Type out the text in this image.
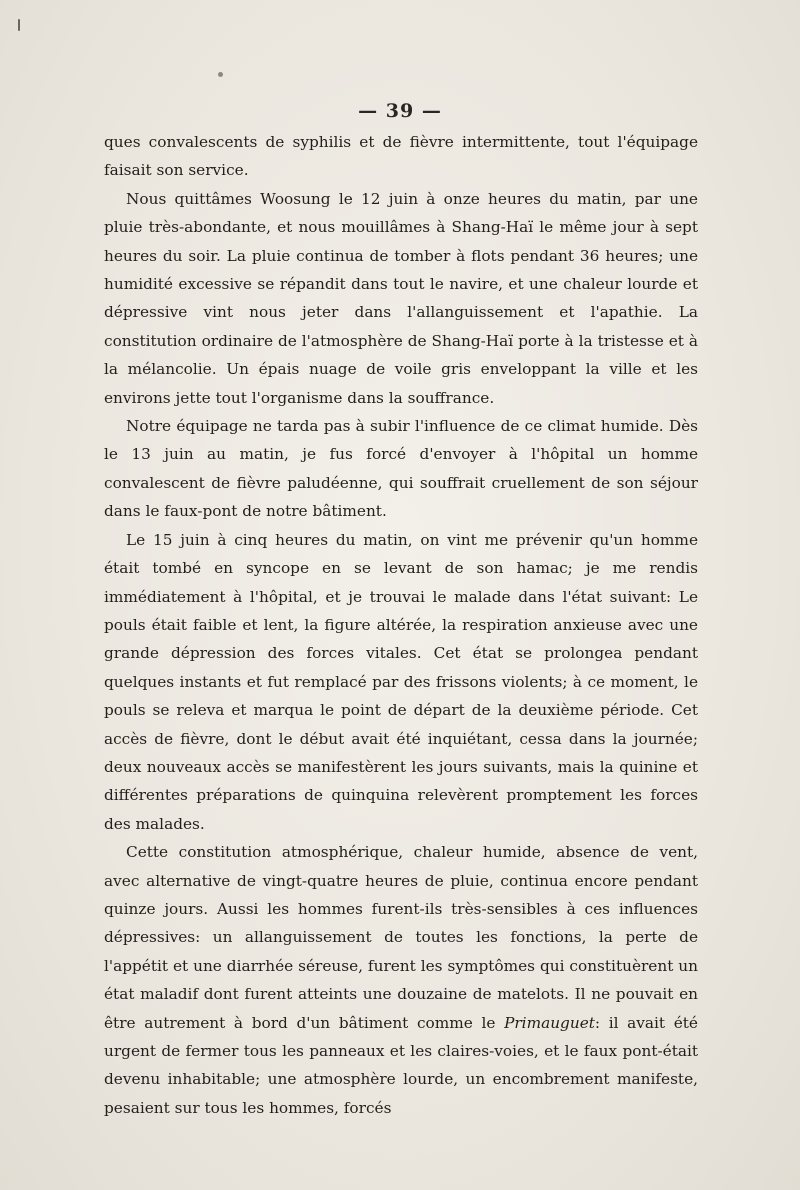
— 39 —

ques convalescents de syphilis et de fièvre intermittente, tout l'équipage faisait son service.

Nous quittâmes Woosung le 12 juin à onze heures du matin, par une pluie très-abondante, et nous mouillâmes à Shang-Haï le même jour à sept heures du soir. La pluie continua de tomber à flots pendant 36 heures; une humidité excessive se répandit dans tout le navire, et une chaleur lourde et dépressive vint nous jeter dans l'allanguissement et l'apathie. La constitution ordinaire de l'atmosphère de Shang-Haï porte à la tristesse et à la mélancolie. Un épais nuage de voile gris enveloppant la ville et les environs jette tout l'organisme dans la souffrance.

Notre équipage ne tarda pas à subir l'influence de ce climat humide. Dès le 13 juin au matin, je fus forcé d'envoyer à l'hôpital un homme convalescent de fièvre paludéenne, qui souffrait cruellement de son séjour dans le faux-pont de notre bâtiment.

Le 15 juin à cinq heures du matin, on vint me prévenir qu'un homme était tombé en syncope en se levant de son hamac; je me rendis immédiatement à l'hôpital, et je trouvai le malade dans l'état suivant: Le pouls était faible et lent, la figure altérée, la respiration anxieuse avec une grande dépression des forces vitales. Cet état se prolongea pendant quelques instants et fut remplacé par des frissons violents; à ce moment, le pouls se releva et marqua le point de départ de la deuxième période. Cet accès de fièvre, dont le début avait été inquiétant, cessa dans la journée; deux nouveaux accès se manifestèrent les jours suivants, mais la quinine et différentes préparations de quinquina relevèrent promptement les forces des malades.

Cette constitution atmosphérique, chaleur humide, absence de vent, avec alternative de vingt-quatre heures de pluie, continua encore pendant quinze jours. Aussi les hommes furent-ils très-sensibles à ces influences dépressives: un allanguissement de toutes les fonctions, la perte de l'appétit et une diarrhée séreuse, furent les symptômes qui constituèrent un état maladif dont furent atteints une douzaine de matelots. Il ne pouvait en être autrement à bord d'un bâtiment comme le Primauguet: il avait été urgent de fermer tous les panneaux et les claires-voies, et le faux pont-était devenu inhabitable; une atmosphère lourde, un encombrement manifeste, pesaient sur tous les hommes, forcés
